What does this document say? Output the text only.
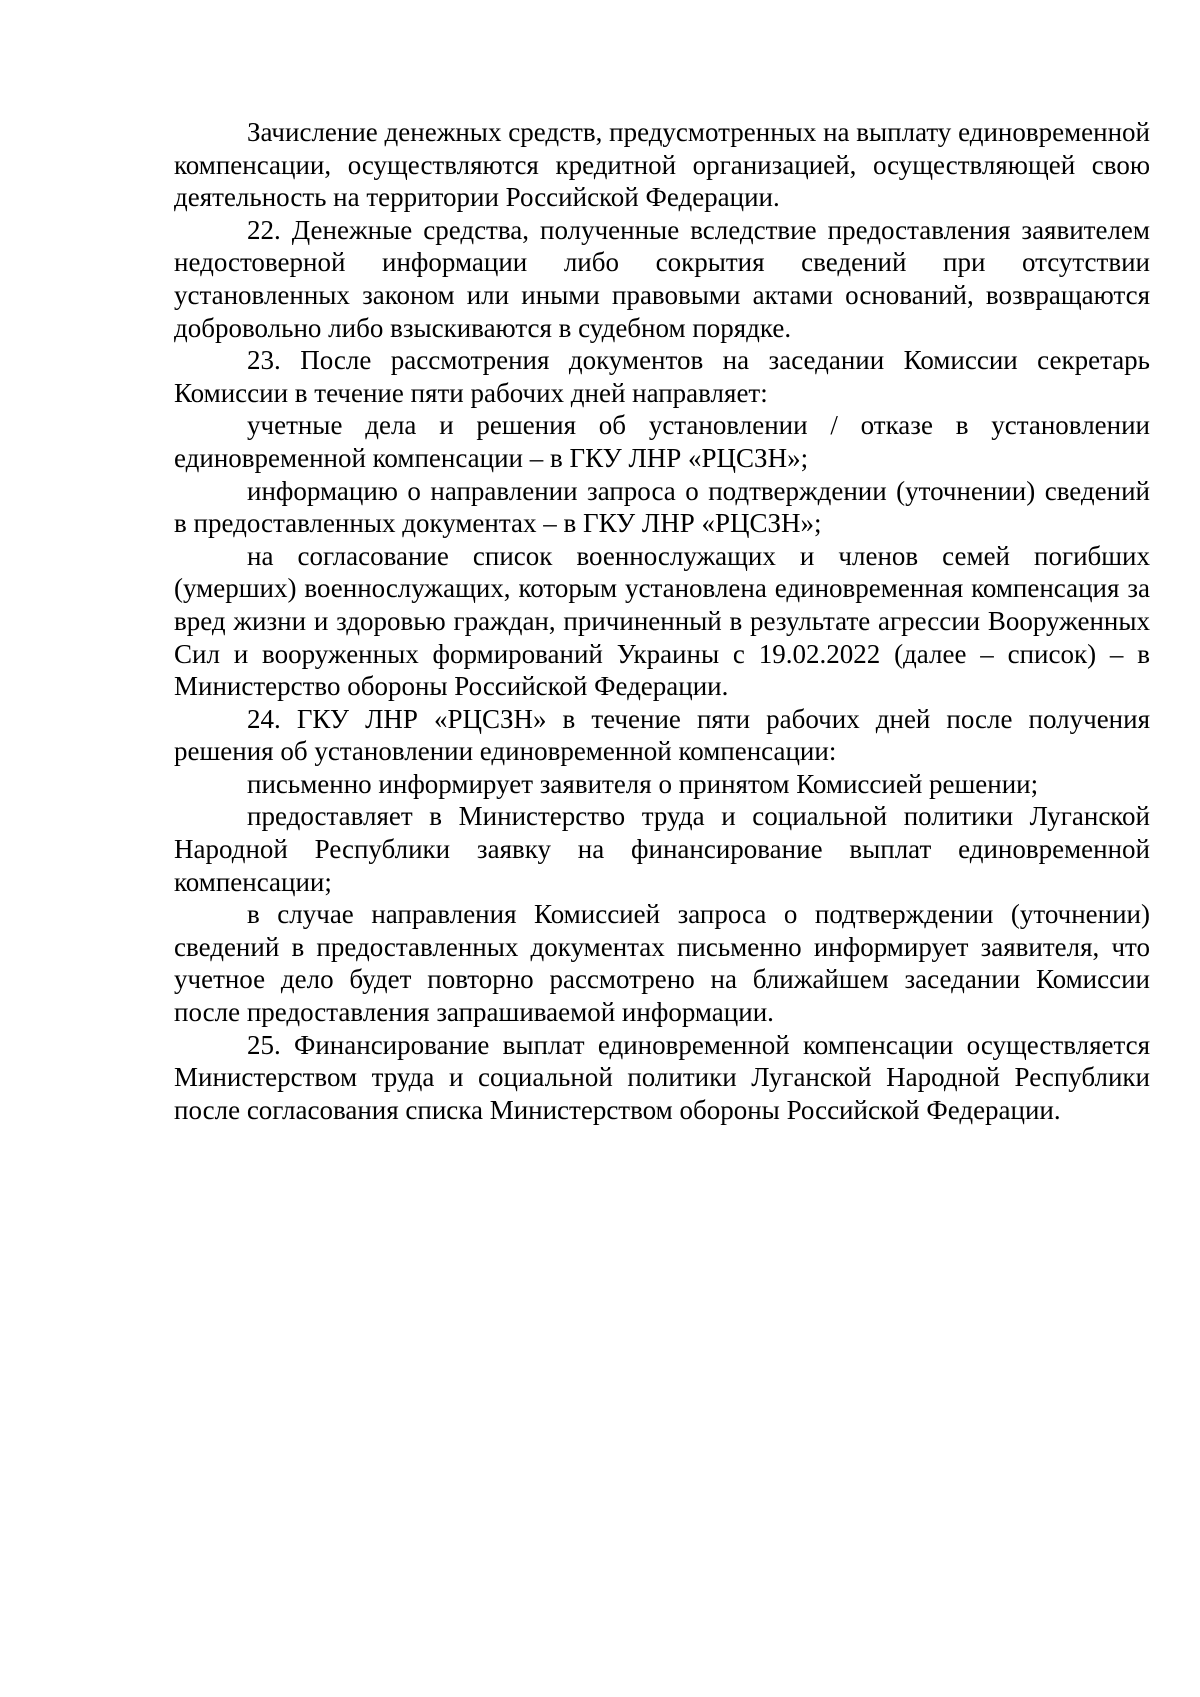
Зачисление денежных средств, предусмотренных на выплату единовременной компенсации, осуществляются кредитной организацией, осуществляющей свою деятельность на территории Российской Федерации.

22. Денежные средства, полученные вследствие предоставления заявителем недостоверной информации либо сокрытия сведений при отсутствии установленных законом или иными правовыми актами оснований, возвращаются добровольно либо взыскиваются в судебном порядке.

23. После рассмотрения документов на заседании Комиссии секретарь Комиссии в течение пяти рабочих дней направляет:

учетные дела и решения об установлении / отказе в установлении единовременной компенсации – в ГКУ ЛНР «РЦСЗН»;

информацию о направлении запроса о подтверждении (уточнении) сведений в предоставленных документах – в ГКУ ЛНР «РЦСЗН»;

на согласование список военнослужащих и членов семей погибших (умерших) военнослужащих, которым установлена единовременная компенсация за вред жизни и здоровью граждан, причиненный в результате агрессии Вооруженных Сил и вооруженных формирований Украины с 19.02.2022 (далее – список) – в Министерство обороны Российской Федерации.

24. ГКУ ЛНР «РЦСЗН» в течение пяти рабочих дней после получения решения об установлении единовременной компенсации:

письменно информирует заявителя о принятом Комиссией решении;

предоставляет в Министерство труда и социальной политики Луганской Народной Республики заявку на финансирование выплат единовременной компенсации;

в случае направления Комиссией запроса о подтверждении (уточнении) сведений в предоставленных документах письменно информирует заявителя, что учетное дело будет повторно рассмотрено на ближайшем заседании Комиссии после предоставления запрашиваемой информации.

25. Финансирование выплат единовременной компенсации осуществляется Министерством труда и социальной политики Луганской Народной Республики после согласования списка Министерством обороны Российской Федерации.
